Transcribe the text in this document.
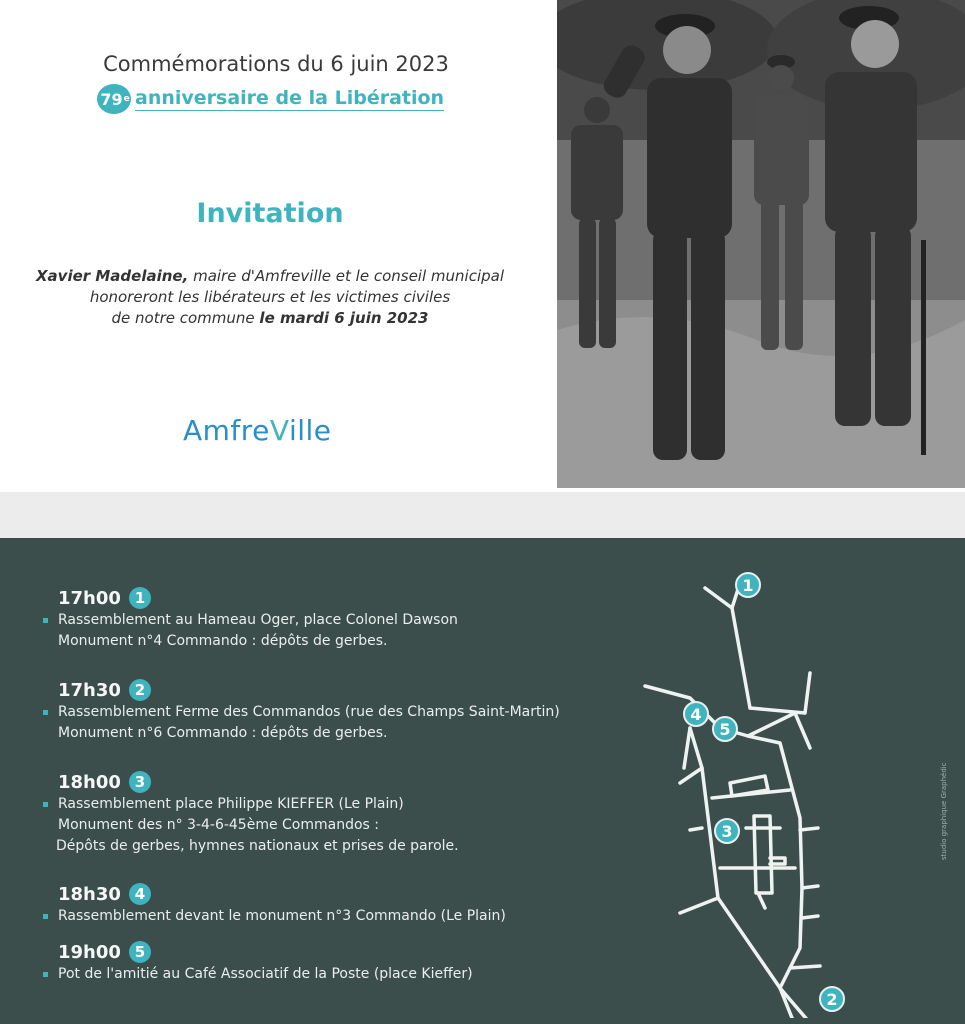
Commémorations du 6 juin 2023
79 e anniversaire de la Libération
Invitation
Xavier Madelaine, maire d'Amfreville et le conseil municipal
honoreront les libérateurs et les victimes civiles
de notre commune le mardi 6 juin 2023
AmfreVille
17h00 1
Rassemblement au Hameau Oger, place Colonel Dawson
Monument n°4 Commando : dépôts de gerbes.
17h30 2
Rassemblement Ferme des Commandos (rue des Champs Saint-Martin)
Monument n°6 Commando : dépôts de gerbes.
18h00 3
Rassemblement place Philippe KIEFFER (Le Plain)
Monument des n° 3-4-6-45ème Commandos :
Dépôts de gerbes, hymnes nationaux et prises de parole.
18h30 4
Rassemblement devant le monument n°3 Commando (Le Plain)
19h00 5
Pot de l'amitié au Café Associatif de la Poste (place Kieffer)
1
2
3
4
5
studio graphique Graphédic
